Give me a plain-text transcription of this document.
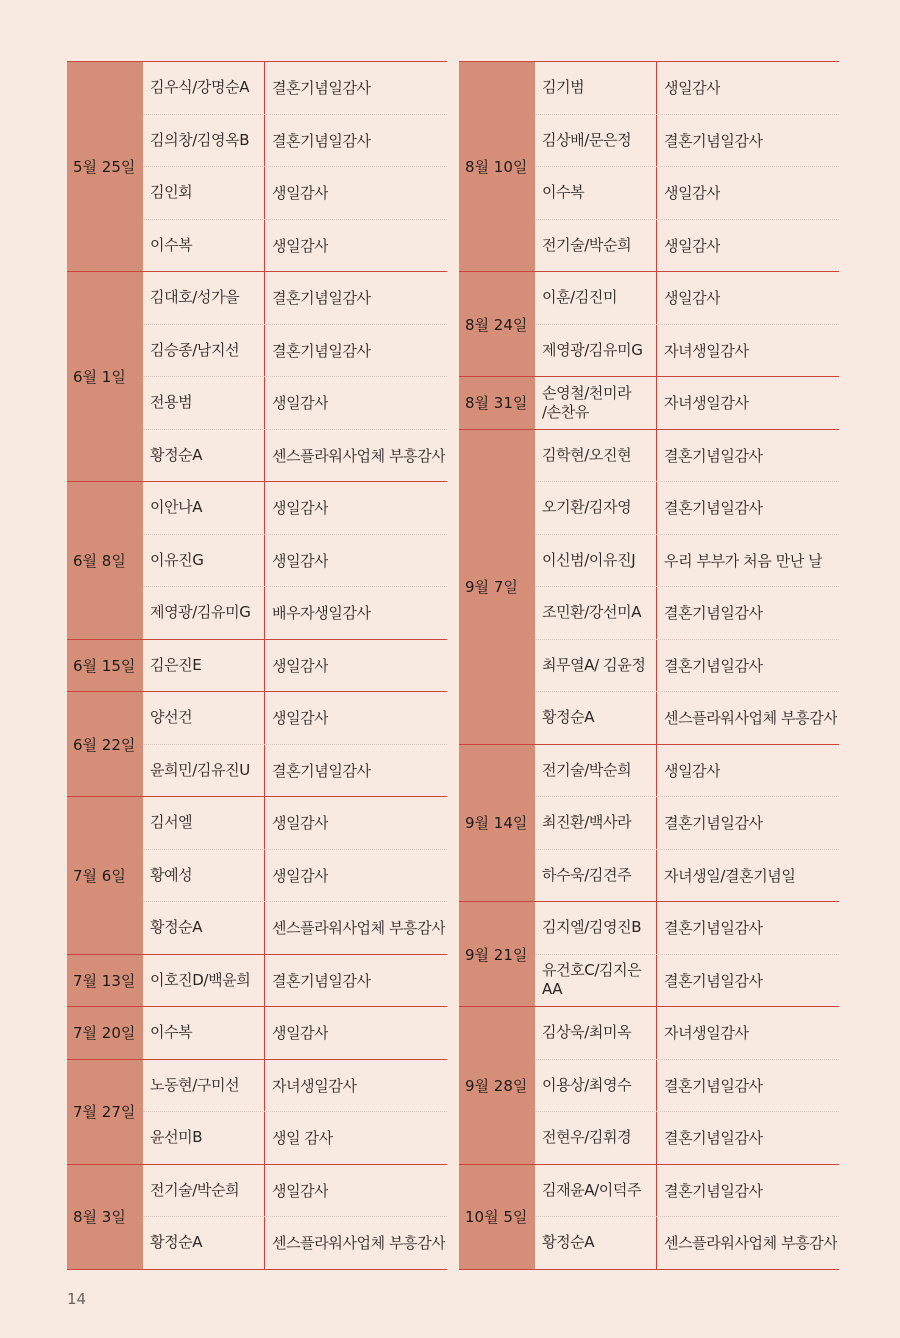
5월 25일
김우식/강명순A	결혼기념일감사
김의창/김영옥B	결혼기념일감사
김인회	생일감사
이수복	생일감사
6월 1일
김대호/성가을	결혼기념일감사
김승종/남지선	결혼기념일감사
전용범	생일감사
황정순A	센스플라워사업체 부흥감사
6월 8일
이안나A	생일감사
이유진G	생일감사
제영광/김유미G	배우자생일감사
6월 15일 김은진E	생일감사
6월 22일
양선건	생일감사
윤희민/김유진U	결혼기념일감사
7월 6일
김서엘	생일감사
황예성	생일감사
황정순A	센스플라워사업체 부흥감사
7월 13일 이호진D/백윤희	결혼기념일감사
7월 20일 이수복	생일감사
7월 27일
노동현/구미선	자녀생일감사
윤선미B	생일 감사
8월 3일
전기술/박순희	생일감사
황정순A	센스플라워사업체 부흥감사
8월 10일
김기범	생일감사
김상배/문은정	결혼기념일감사
이수복	생일감사
전기술/박순희	생일감사
8월 24일
이훈/김진미	생일감사
제영광/김유미G	자녀생일감사
8월 31일
손영철/천미라
/손찬유	자녀생일감사
9월 7일
김학현/오진현	결혼기념일감사
오기환/김자영	결혼기념일감사
이신범/이유진J	우리 부부가 처음 만난 날
조민환/강선미A	결혼기념일감사
최무열A/ 김윤정	결혼기념일감사
황정순A	센스플라워사업체 부흥감사
9월 14일
전기술/박순희	생일감사
최진환/백사라	결혼기념일감사
하수욱/김견주	자녀생일/결혼기념일
9월 21일
김지엘/김영진B	결혼기념일감사
유건호C/김지은AA	결혼기념일감사
9월 28일
김상욱/최미옥	자녀생일감사
이용상/최영수	결혼기념일감사
전현우/김휘경	결혼기념일감사
10월 5일
김재윤A/이덕주	결혼기념일감사
황정순A	센스플라워사업체 부흥감사
14
